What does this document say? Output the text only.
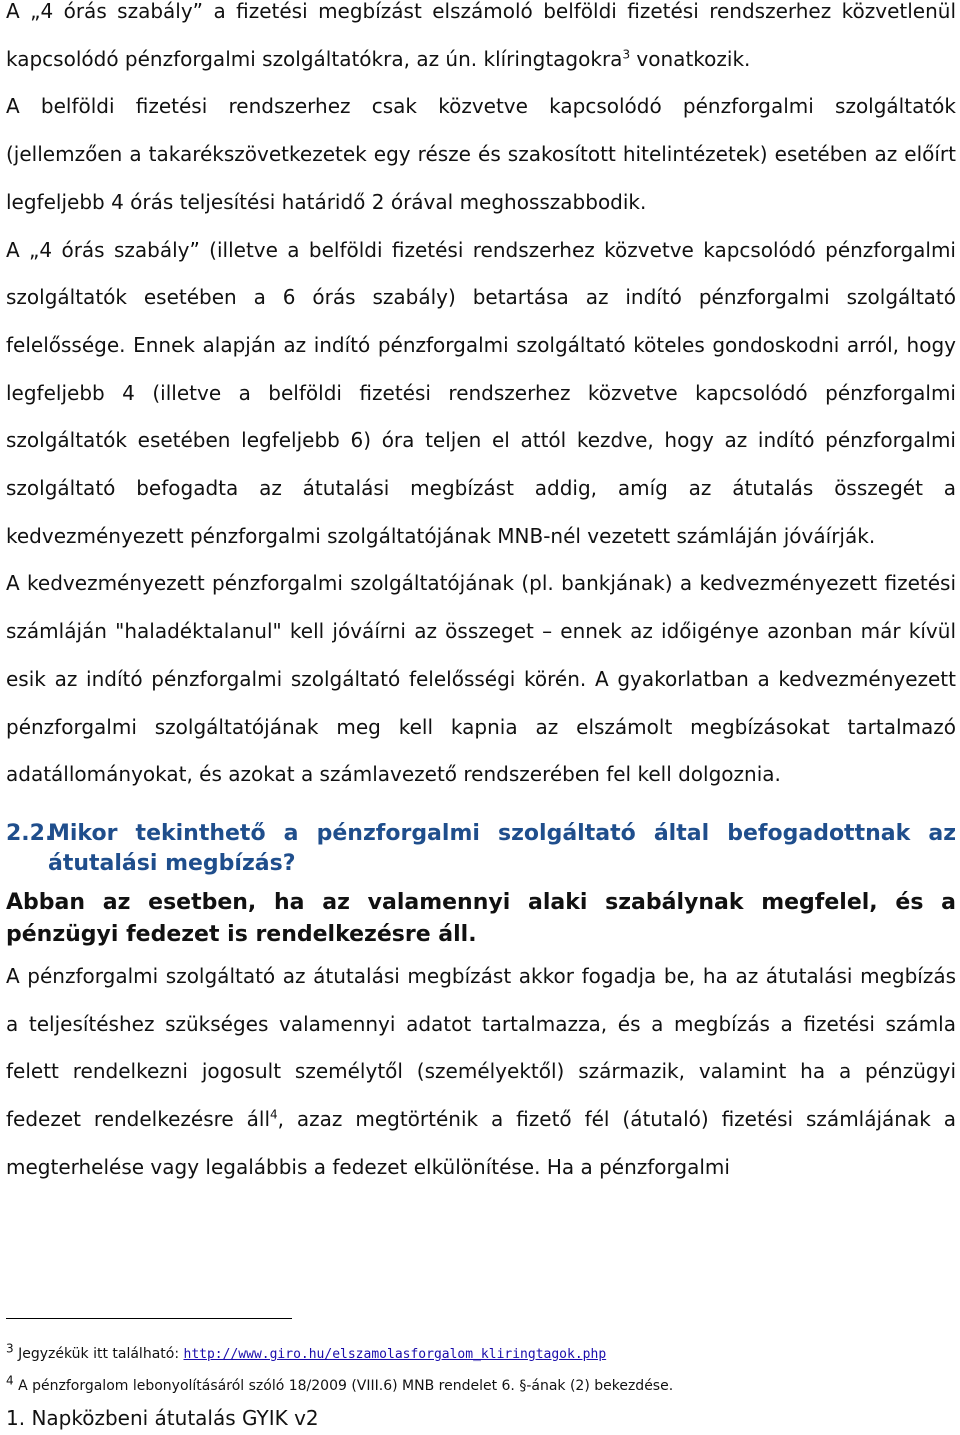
A „4 órás szabály” a fizetési megbízást elszámoló belföldi fizetési rendszerhez közvetlenül kapcsolódó pénzforgalmi szolgáltatókra, az ún. klíringtagokra$^3$ vonatkozik.

A belföldi fizetési rendszerhez csak közvetve kapcsolódó pénzforgalmi szolgáltatók (jellemzően a takarékszövetkezetek egy része és szakosított hitelintézetek) esetében az előírt legfeljebb 4 órás teljesítési határidő 2 órával meghosszabbodik.

A „4 órás szabály” (illetve a belföldi fizetési rendszerhez közvetve kapcsolódó pénzforgalmi szolgáltatók esetében a 6 órás szabály) betartása az indító pénzforgalmi szolgáltató felelőssége. Ennek alapján az indító pénzforgalmi szolgáltató köteles gondoskodni arról, hogy legfeljebb 4 (illetve a belföldi fizetési rendszerhez közvetve kapcsolódó pénzforgalmi szolgáltatók esetében legfeljebb 6) óra teljen el attól kezdve, hogy az indító pénzforgalmi szolgáltató befogadta az átutalási megbízást addig, amíg az átutalás összegét a kedvezményezett pénzforgalmi szolgáltatójának MNB-nél vezetett számláján jóváírják.

A kedvezményezett pénzforgalmi szolgáltatójának (pl. bankjának) a kedvezményezett fizetési számláján "haladéktalanul" kell jóváírni az összeget – ennek az időigénye azonban már kívül esik az indító pénzforgalmi szolgáltató felelősségi körén. A gyakorlatban a kedvezményezett pénzforgalmi szolgáltatójának meg kell kapnia az elszámolt megbízásokat tartalmazó adatállományokat, és azokat a számlavezető rendszerében fel kell dolgoznia.

2.2.
Mikor tekinthető a pénzforgalmi szolgáltató által befogadottnak az átutalási megbízás?

Abban az esetben, ha az valamennyi alaki szabálynak megfelel, és a pénzügyi fedezet is rendelkezésre áll.

A pénzforgalmi szolgáltató az átutalási megbízást akkor fogadja be, ha az átutalási megbízás a teljesítéshez szükséges valamennyi adatot tartalmazza, és a megbízás a fizetési számla felett rendelkezni jogosult személytől (személyektől) származik, valamint ha a pénzügyi fedezet rendelkezésre áll$^4$, azaz megtörténik a fizető fél (átutaló) fizetési számlájának a megterhelése vagy legalábbis a fedezet elkülönítése. Ha a pénzforgalmi

3 Jegyzékük itt található: http://www.giro.hu/elszamolasforgalom_kliringtagok.php
4 A pénzforgalom lebonyolításáról szóló 18/2009 (VIII.6) MNB rendelet 6. §-ának (2) bekezdése.
1. Napközbeni átutalás GYIK v2
